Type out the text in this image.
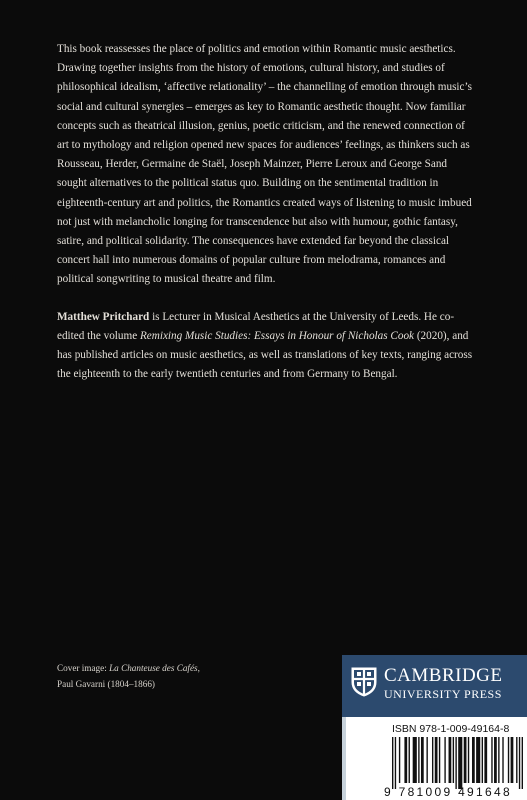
This book reassesses the place of politics and emotion within Romantic music aesthetics. Drawing together insights from the history of emotions, cultural history, and studies of philosophical idealism, ‘affective relationality’ – the channelling of emotion through music’s social and cultural synergies – emerges as key to Romantic aesthetic thought. Now familiar concepts such as theatrical illusion, genius, poetic criticism, and the renewed connection of art to mythology and religion opened new spaces for audiences’ feelings, as thinkers such as Rousseau, Herder, Germaine de Staël, Joseph Mainzer, Pierre Leroux and George Sand sought alternatives to the political status quo. Building on the sentimental tradition in eighteenth-century art and politics, the Romantics created ways of listening to music imbued not just with melancholic longing for transcendence but also with humour, gothic fantasy, satire, and political solidarity. The consequences have extended far beyond the classical concert hall into numerous domains of popular culture from melodrama, romances and political songwriting to musical theatre and film.

Matthew Pritchard is Lecturer in Musical Aesthetics at the University of Leeds. He co-edited the volume Remixing Music Studies: Essays in Honour of Nicholas Cook (2020), and has published articles on music aesthetics, as well as translations of key texts, ranging across the eighteenth to the early twentieth centuries and from Germany to Bengal.

Cover image: La Chanteuse des Cafés,
Paul Gavarni (1804–1866)	CAMBRIDGE
UNIVERSITY PRESS
ISBN 978-1-009-49164-8
9 781009 491648
